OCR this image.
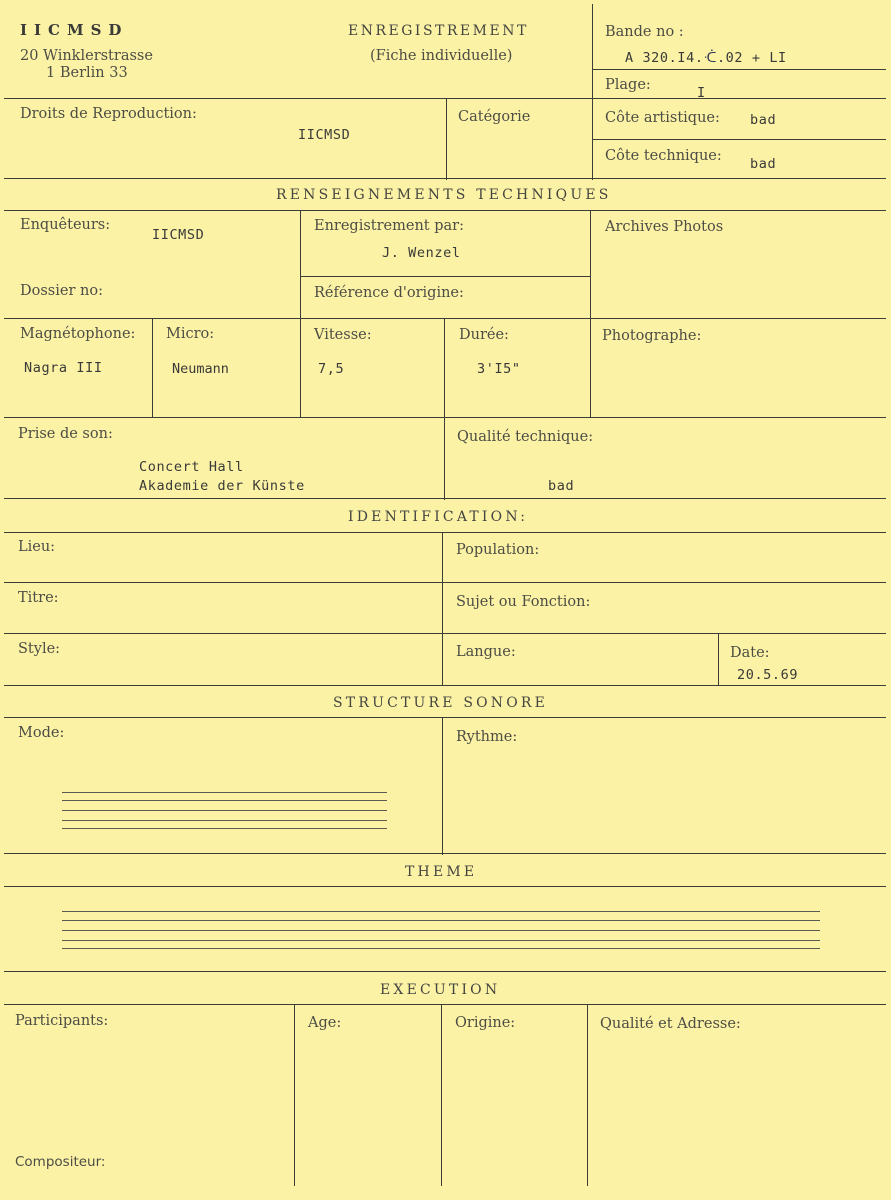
IICMSD
20 Winklerstrasse
1 Berlin 33
ENREGISTREMENT
(Fiche individuelle)
Bande no :
A 320.I4.ᑣ.02 + LI
Plage:	I
Droits de Reproduction:
IICMSD
Catégorie	Côte artistique: bad
Côte technique: bad
RENSEIGNEMENTS TECHNIQUES
Enquêteurs:
IICMSD
Enregistrement par:
J. Wenzel
Archives Photos
Dossier no:	Référence d'origine:
Magnétophone:
Nagra III
Micro:
Neumann
Vitesse:
7,5
Durée:
3'I5"
Photographe:
Prise de son:
Concert Hall
Akademie der Künste
Qualité technique:
bad
IDENTIFICATION:
Lieu:	Population:
Titre:	Sujet ou Fonction:
Style:	Langue:	Date:
20.5.69
STRUCTURE SONORE
Mode:	Rythme:
THEME
EXECUTION
Participants:	Age:	Origine:	Qualité et Adresse:
Compositeur:
